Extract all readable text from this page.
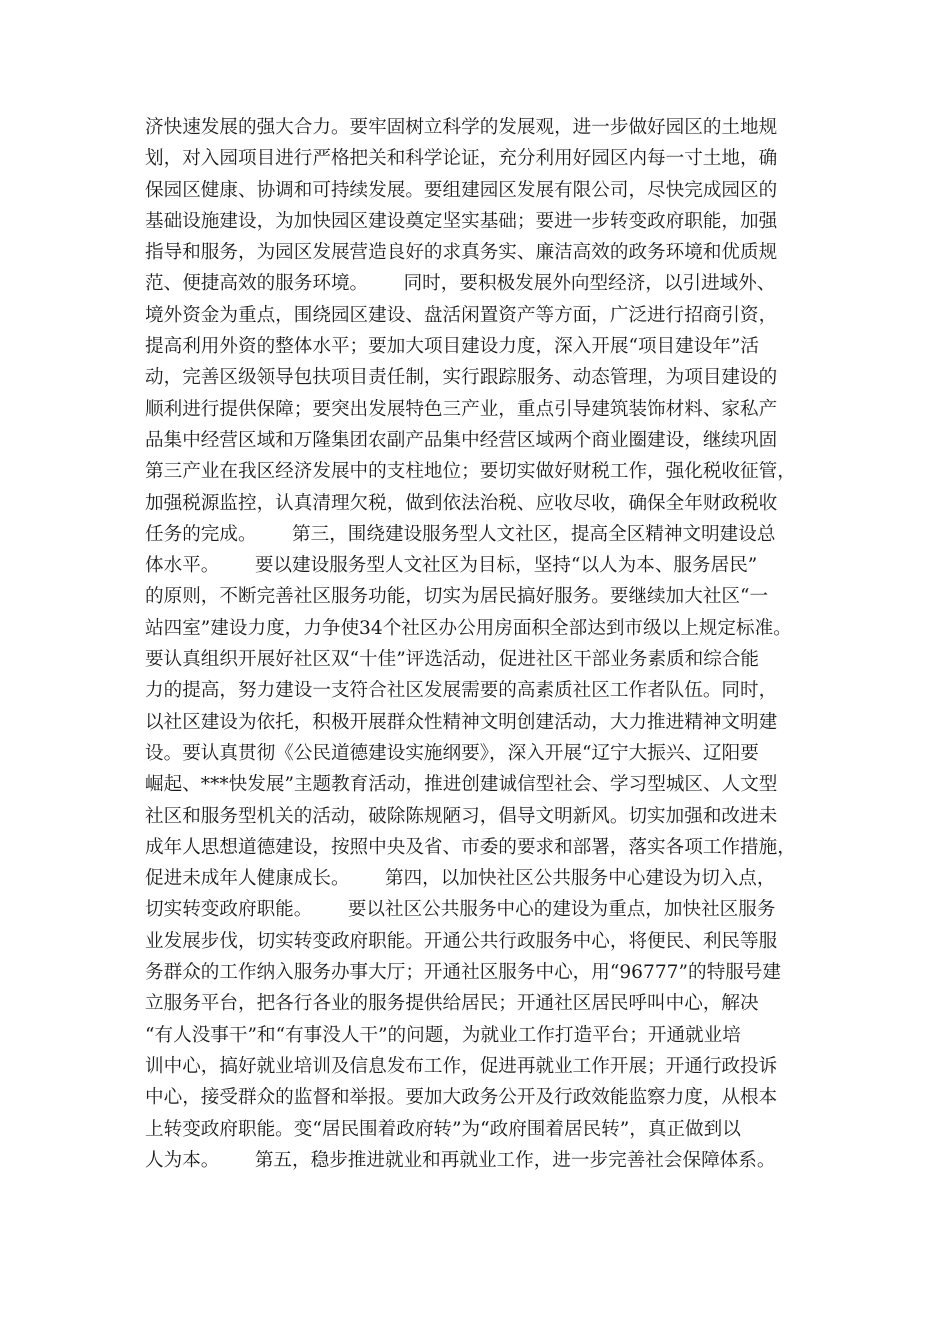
济快速发展的强大合力。要牢固树立科学的发展观，进一步做好园区的土地规
划，对入园项目进行严格把关和科学论证，充分利用好园区内每一寸土地，确
保园区健康、协调和可持续发展。要组建园区发展有限公司，尽快完成园区的
基础设施建设，为加快园区建设奠定坚实基础；要进一步转变政府职能，加强
指导和服务，为园区发展营造良好的求真务实、廉洁高效的政务环境和优质规
范、便捷高效的服务环境。      同时，要积极发展外向型经济，以引进域外、
境外资金为重点，围绕园区建设、盘活闲置资产等方面，广泛进行招商引资，
提高利用外资的整体水平；要加大项目建设力度，深入开展“项目建设年”活
动，完善区级领导包扶项目责任制，实行跟踪服务、动态管理，为项目建设的
顺利进行提供保障；要突出发展特色三产业，重点引导建筑装饰材料、家私产
品集中经营区域和万隆集团农副产品集中经营区域两个商业圈建设，继续巩固
第三产业在我区经济发展中的支柱地位；要切实做好财税工作，强化税收征管，
加强税源监控，认真清理欠税，做到依法治税、应收尽收，确保全年财政税收
任务的完成。      第三，围绕建设服务型人文社区，提高全区精神文明建设总
体水平。      要以建设服务型人文社区为目标，坚持“以人为本、服务居民”
的原则，不断完善社区服务功能，切实为居民搞好服务。要继续加大社区“一
站四室”建设力度，力争使34个社区办公用房面积全部达到市级以上规定标准。
要认真组织开展好社区双“十佳”评选活动，促进社区干部业务素质和综合能
力的提高，努力建设一支符合社区发展需要的高素质社区工作者队伍。同时，
以社区建设为依托，积极开展群众性精神文明创建活动，大力推进精神文明建
设。要认真贯彻《公民道德建设实施纲要》，深入开展“辽宁大振兴、辽阳要
崛起、***快发展”主题教育活动，推进创建诚信型社会、学习型城区、人文型
社区和服务型机关的活动，破除陈规陋习，倡导文明新风。切实加强和改进未
成年人思想道德建设，按照中央及省、市委的要求和部署，落实各项工作措施，
促进未成年人健康成长。      第四，以加快社区公共服务中心建设为切入点，
切实转变政府职能。      要以社区公共服务中心的建设为重点，加快社区服务
业发展步伐，切实转变政府职能。开通公共行政服务中心，将便民、利民等服
务群众的工作纳入服务办事大厅；开通社区服务中心，用“96777”的特服号建
立服务平台，把各行各业的服务提供给居民；开通社区居民呼叫中心，解决
“有人没事干”和“有事没人干”的问题，为就业工作打造平台；开通就业培
训中心，搞好就业培训及信息发布工作，促进再就业工作开展；开通行政投诉
中心，接受群众的监督和举报。要加大政务公开及行政效能监察力度，从根本
上转变政府职能。变“居民围着政府转”为“政府围着居民转”，真正做到以
人为本。      第五，稳步推进就业和再就业工作，进一步完善社会保障体系。
